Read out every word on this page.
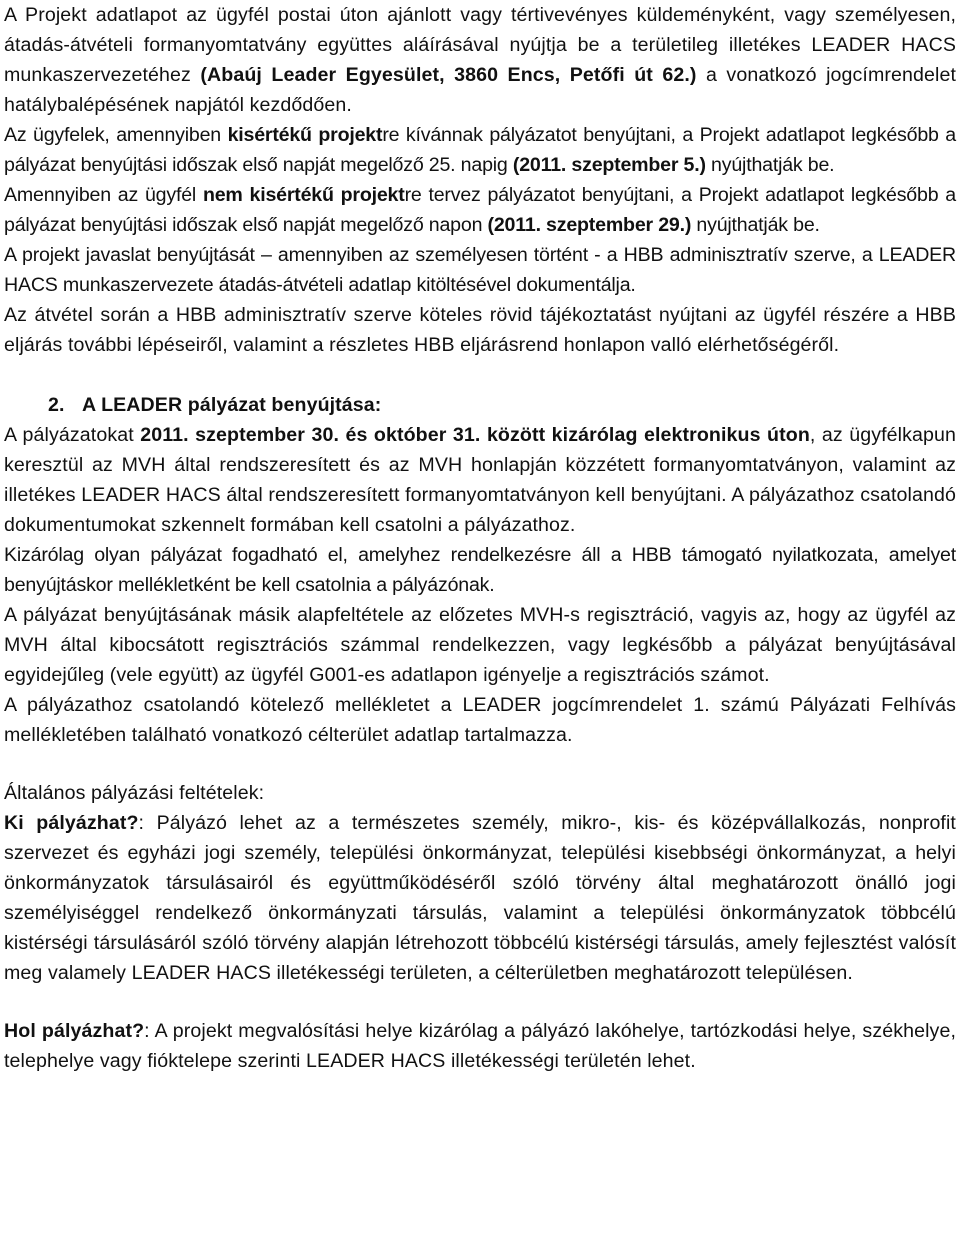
A Projekt adatlapot az ügyfél postai úton ajánlott vagy tértivevényes küldeményként, vagy személyesen, átadás-átvételi formanyomtatvány együttes aláírásával nyújtja be a területileg illetékes LEADER HACS munkaszervezetéhez (Abaúj Leader Egyesület, 3860 Encs, Petőfi út 62.) a vonatkozó jogcímrendelet hatálybalépésének napjától kezdődően.

Az ügyfelek, amennyiben kisértékű projektre kívánnak pályázatot benyújtani, a Projekt adatlapot legkésőbb a pályázat benyújtási időszak első napját megelőző 25. napig (2011. szeptember 5.) nyújthatják be.

Amennyiben az ügyfél nem kisértékű projektre tervez pályázatot benyújtani, a Projekt adatlapot legkésőbb a pályázat benyújtási időszak első napját megelőző napon (2011. szeptember 29.) nyújthatják be.

A projekt javaslat benyújtását – amennyiben az személyesen történt - a HBB adminisztratív szerve, a LEADER HACS munkaszervezete átadás-átvételi adatlap kitöltésével dokumentálja.

Az átvétel során a HBB adminisztratív szerve köteles rövid tájékoztatást nyújtani az ügyfél részére a HBB eljárás további lépéseiről, valamint a részletes HBB eljárásrend honlapon valló elérhetőségéről.

2. A LEADER pályázat benyújtása:

A pályázatokat 2011. szeptember 30. és október 31. között kizárólag elektronikus úton, az ügyfélkapun keresztül az MVH által rendszeresített és az MVH honlapján közzétett formanyomtatványon, valamint az illetékes LEADER HACS által rendszeresített formanyomtatványon kell benyújtani. A pályázathoz csatolandó dokumentumokat szkennelt formában kell csatolni a pályázathoz.

Kizárólag olyan pályázat fogadható el, amelyhez rendelkezésre áll a HBB támogató nyilatkozata, amelyet benyújtáskor mellékletként be kell csatolnia a pályázónak.

A pályázat benyújtásának másik alapfeltétele az előzetes MVH-s regisztráció, vagyis az, hogy az ügyfél az MVH által kibocsátott regisztrációs számmal rendelkezzen, vagy legkésőbb a pályázat benyújtásával egyidejűleg (vele együtt) az ügyfél G001-es adatlapon igényelje a regisztrációs számot.

A pályázathoz csatolandó kötelező mellékletet a LEADER jogcímrendelet 1. számú Pályázati Felhívás mellékletében található vonatkozó célterület adatlap tartalmazza.

Általános pályázási feltételek:

Ki pályázhat?: Pályázó lehet az a természetes személy, mikro-, kis- és középvállalkozás, nonprofit szervezet és egyházi jogi személy, települési önkormányzat, települési kisebbségi önkormányzat, a helyi önkormányzatok társulásairól és együttműködéséről szóló törvény által meghatározott önálló jogi személyiséggel rendelkező önkormányzati társulás, valamint a települési önkormányzatok többcélú kistérségi társulásáról szóló törvény alapján létrehozott többcélú kistérségi társulás, amely fejlesztést valósít meg valamely LEADER HACS illetékességi területen, a célterületben meghatározott településen.

Hol pályázhat?: A projekt megvalósítási helye kizárólag a pályázó lakóhelye, tartózkodási helye, székhelye, telephelye vagy fióktelepe szerinti LEADER HACS illetékességi területén lehet.
